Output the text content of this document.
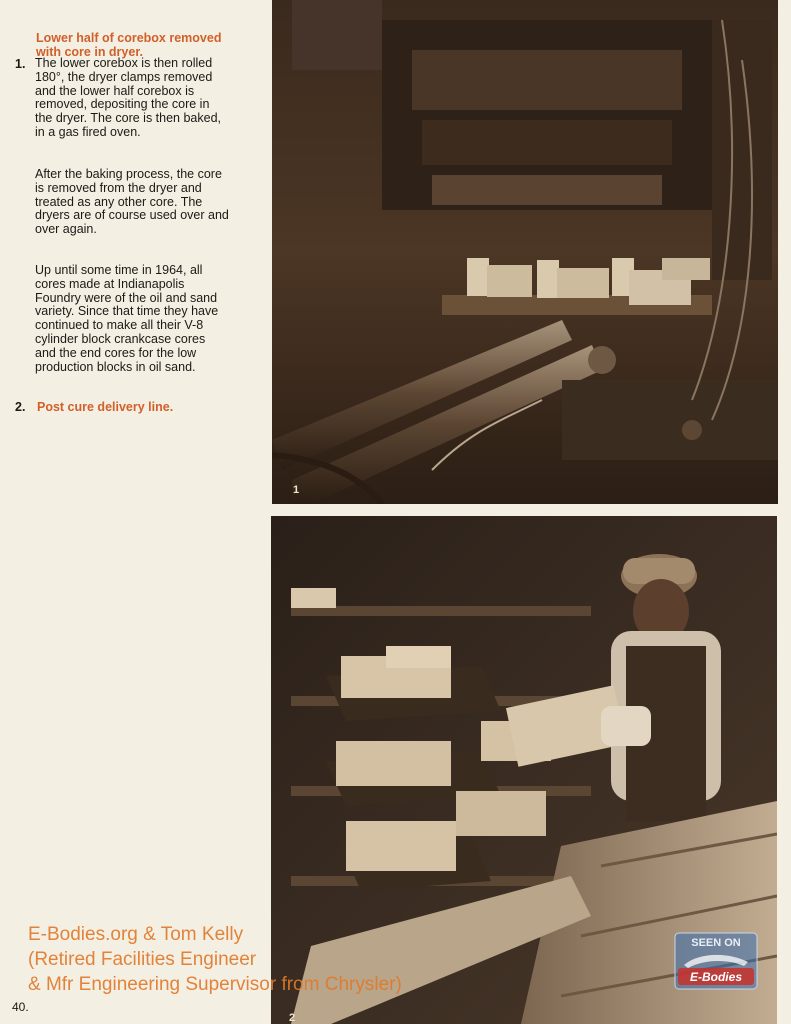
Lower half of corebox removed
with core in dryer.
1. The lower corebox is then rolled
180°, the dryer clamps removed
and the lower half corebox is
removed, depositing the core in
the dryer. The core is then baked,
in a gas fired oven.
After the baking process, the core
is removed from the dryer and
treated as any other core. The
dryers are of course used over and
over again.
Up until some time in 1964, all
cores made at Indianapolis
Foundry were of the oil and sand
variety. Since that time they have
continued to make all their V-8
cylinder block crankcase cores
and the end cores for the low
production blocks in oil sand.
2. Post cure delivery line.
1
2
SEEN ON
E-Bodies
E-Bodies.org & Tom Kelly
(Retired Facilities Engineer
& Mfr Engineering Supervisor from Chrysler)
40.
